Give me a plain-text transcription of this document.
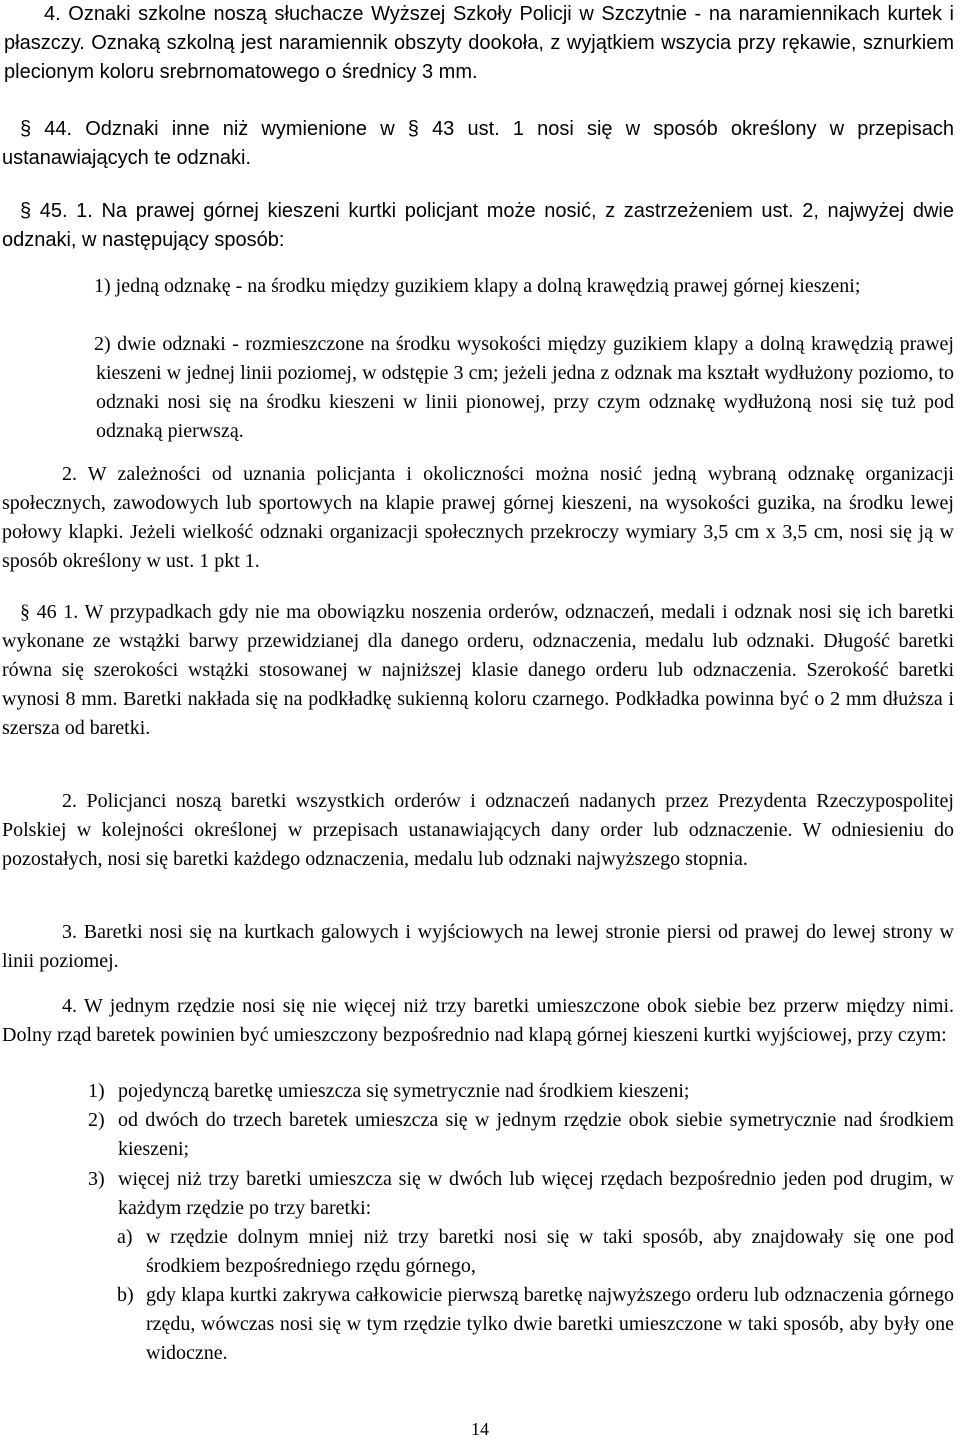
4. Oznaki szkolne noszą słuchacze Wyższej Szkoły Policji w Szczytnie - na naramiennikach kurtek i płaszczy. Oznaką szkolną jest naramiennik obszyty dookoła, z wyjątkiem wszycia przy rękawie, sznurkiem plecionym koloru srebrnomatowego o średnicy 3 mm.

§ 44. Odznaki inne niż wymienione w § 43 ust. 1 nosi się w sposób określony w przepisach ustanawiających te odznaki.

§ 45. 1. Na prawej górnej kieszeni kurtki policjant może nosić, z zastrzeżeniem ust. 2, najwyżej dwie odznaki, w następujący sposób:

1) jedną odznakę - na środku między guzikiem klapy a dolną krawędzią prawej górnej kieszeni;

2) dwie odznaki - rozmieszczone na środku wysokości między guzikiem klapy a dolną krawędzią prawej kieszeni w jednej linii poziomej, w odstępie 3 cm; jeżeli jedna z odznak ma kształt wydłużony poziomo, to odznaki nosi się na środku kieszeni w linii pionowej, przy czym odznakę wydłużoną nosi się tuż pod odznaką pierwszą.

2. W zależności od uznania policjanta i okoliczności można nosić jedną wybraną odznakę organizacji społecznych, zawodowych lub sportowych na klapie prawej górnej kieszeni, na wysokości guzika, na środku lewej połowy klapki. Jeżeli wielkość odznaki organizacji społecznych przekroczy wymiary 3,5 cm x 3,5 cm, nosi się ją w sposób określony w ust. 1 pkt 1.

§ 46 1. W przypadkach gdy nie ma obowiązku noszenia orderów, odznaczeń, medali i odznak nosi się ich baretki wykonane ze wstążki barwy przewidzianej dla danego orderu, odznaczenia, medalu lub odznaki. Długość baretki równa się szerokości wstążki stosowanej w najniższej klasie danego orderu lub odznaczenia. Szerokość baretki wynosi 8 mm. Baretki nakłada się na podkładkę sukienną koloru czarnego. Podkładka powinna być o 2 mm dłuższa i szersza od baretki.

2. Policjanci noszą baretki wszystkich orderów i odznaczeń nadanych przez Prezydenta Rzeczypospolitej Polskiej w kolejności określonej w przepisach ustanawiających dany order lub odznaczenie. W odniesieniu do pozostałych, nosi się baretki każdego odznaczenia, medalu lub odznaki najwyższego stopnia.

3. Baretki nosi się na kurtkach galowych i wyjściowych na lewej stronie piersi od prawej do lewej strony w linii poziomej.

4. W jednym rzędzie nosi się nie więcej niż trzy baretki umieszczone obok siebie bez przerw między nimi. Dolny rząd baretek powinien być umieszczony bezpośrednio nad klapą górnej kieszeni kurtki wyjściowej, przy czym:

1) pojedynczą baretkę umieszcza się symetrycznie nad środkiem kieszeni;

2) od dwóch do trzech baretek umieszcza się w jednym rzędzie obok siebie symetrycznie nad środkiem kieszeni;

3) więcej niż trzy baretki umieszcza się w dwóch lub więcej rzędach bezpośrednio jeden pod drugim, w każdym rzędzie po trzy baretki:

a) w rzędzie dolnym mniej niż trzy baretki nosi się w taki sposób, aby znajdowały się one pod środkiem bezpośredniego rzędu górnego,

b) gdy klapa kurtki zakrywa całkowicie pierwszą baretkę najwyższego orderu lub odznaczenia górnego rzędu, wówczas nosi się w tym rzędzie tylko dwie baretki umieszczone w taki sposób, aby były one widoczne.

14
